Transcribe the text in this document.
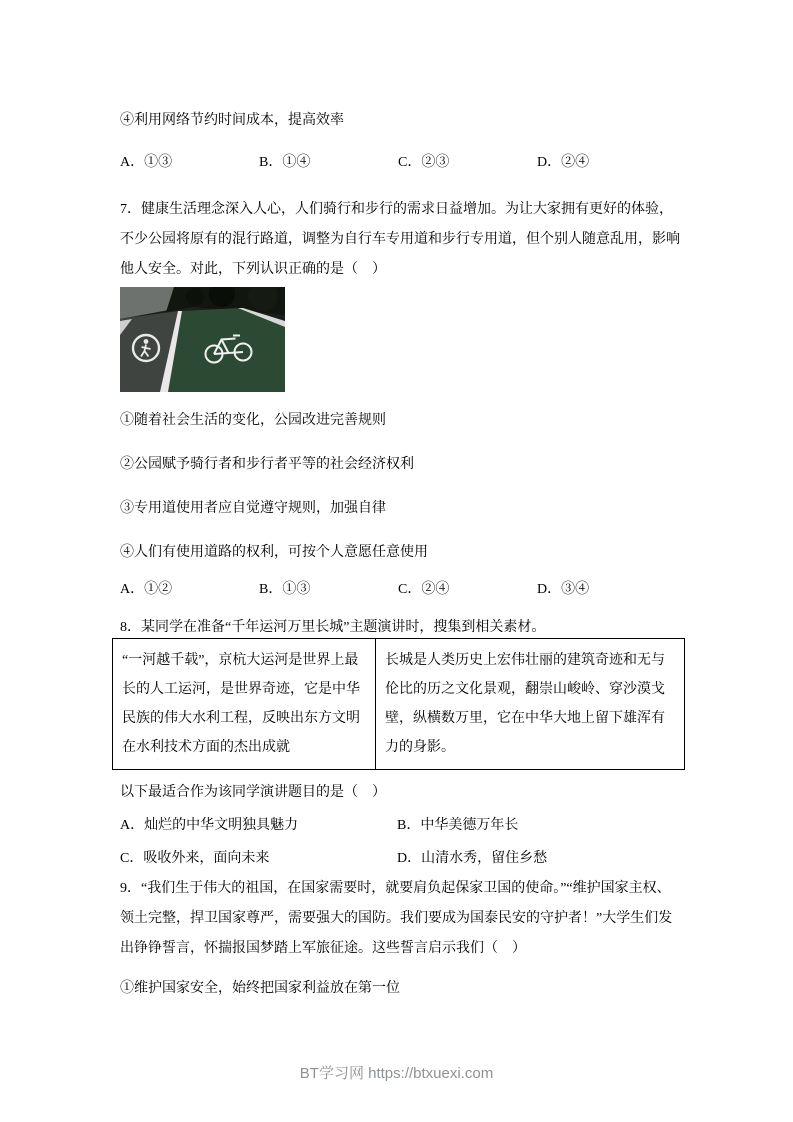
④利用网络节约时间成本，提高效率

A．①③	B．①④	C．②③	D．②④

7．健康生活理念深入人心，人们骑行和步行的需求日益增加。为让大家拥有更好的体验，不少公园将原有的混行路道，调整为自行车专用道和步行专用道，但个别人随意乱用，影响他人安全。对此，下列认识正确的是（　）

①随着社会生活的变化，公园改进完善规则

②公园赋予骑行者和步行者平等的社会经济权利

③专用道使用者应自觉遵守规则，加强自律

④人们有使用道路的权利，可按个人意愿任意使用

A．①②	B．①③	C．②④	D．③④

8．某同学在准备“千年运河万里长城”主题演讲时，搜集到相关素材。

“一河越千载”，京杭大运河是世界上最长的人工运河，是世界奇迹，它是中华民族的伟大水利工程，反映出东方文明在水利技术方面的杰出成就	长城是人类历史上宏伟壮丽的建筑奇迹和无与伦比的历之文化景观，翻崇山峻岭、穿沙漠戈壁，纵横数万里，它在中华大地上留下雄浑有力的身影。

以下最适合作为该同学演讲题目的是（　）

A．灿烂的中华文明独具魅力	B．中华美德万年长
C．吸收外来，面向未来	D．山清水秀，留住乡愁

9．“我们生于伟大的祖国，在国家需要时，就要肩负起保家卫国的使命。”“维护国家主权、领土完整，捍卫国家尊严，需要强大的国防。我们要成为国泰民安的守护者！”大学生们发出铮铮誓言，怀揣报国梦踏上军旅征途。这些誓言启示我们（　）

①维护国家安全，始终把国家利益放在第一位

BT学习网 https://btxuexi.com
